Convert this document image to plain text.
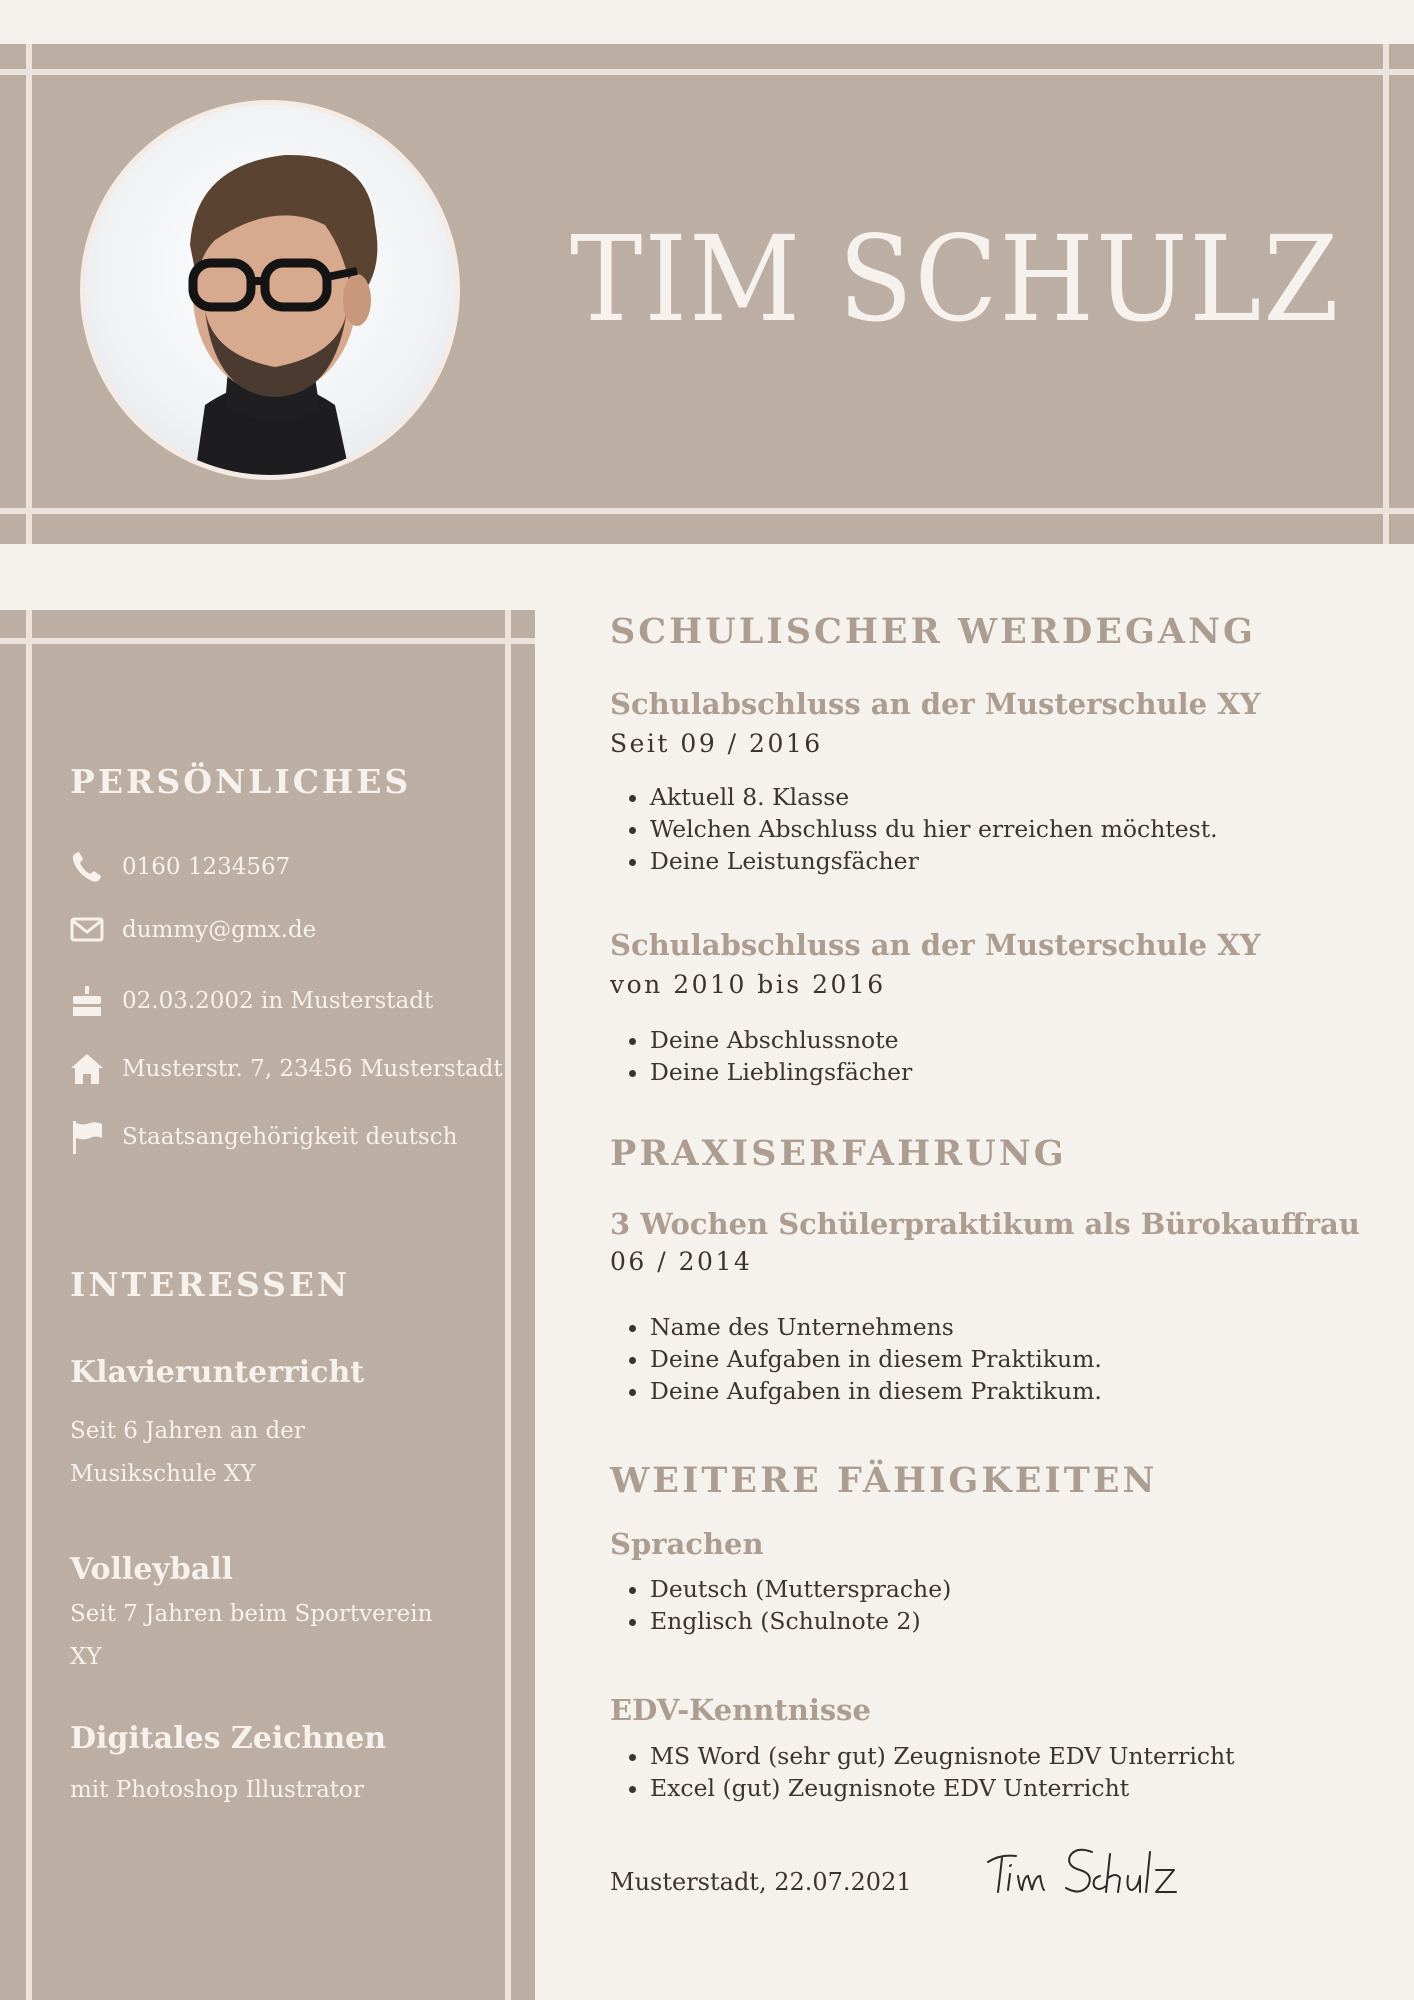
TIM SCHULZ
PERSÖNLICHES
0160 1234567
dummy@gmx.de
02.03.2002 in Musterstadt
Musterstr. 7, 23456 Musterstadt
Staatsangehörigkeit deutsch
INTERESSEN
Klavierunterricht
Seit 6 Jahren an der Musikschule XY
Volleyball
Seit 7 Jahren beim Sportverein XY
Digitales Zeichnen
mit Photoshop Illustrator
SCHULISCHER WERDEGANG
Schulabschluss an der Musterschule XY
Seit 09 / 2016
• Aktuell 8. Klasse
• Welchen Abschluss du hier erreichen möchtest.
• Deine Leistungsfächer
Schulabschluss an der Musterschule XY
von 2010 bis 2016
• Deine Abschlussnote
• Deine Lieblingsfächer
PRAXISERFAHRUNG
3 Wochen Schülerpraktikum als Bürokauffrau
06 / 2014
• Name des Unternehmens
• Deine Aufgaben in diesem Praktikum.
• Deine Aufgaben in diesem Praktikum.
WEITERE FÄHIGKEITEN
Sprachen
• Deutsch (Muttersprache)
• Englisch (Schulnote 2)
EDV-Kenntnisse
• MS Word (sehr gut) Zeugnisnote EDV Unterricht
• Excel (gut) Zeugnisnote EDV Unterricht
Musterstadt, 22.07.2021
